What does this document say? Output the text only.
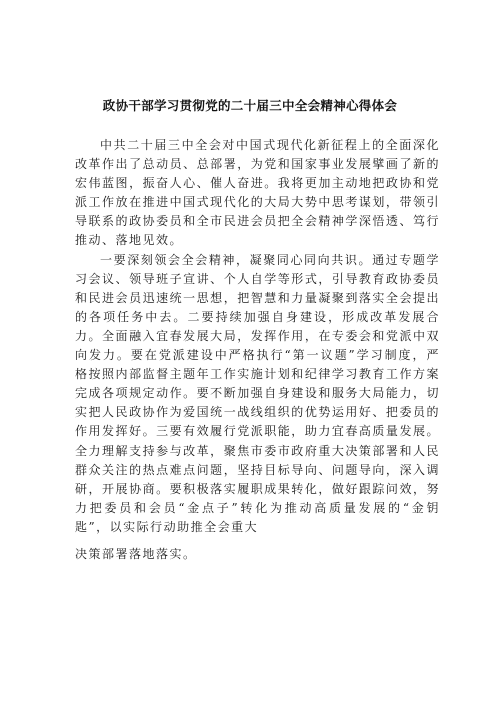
政协干部学习贯彻党的二十届三中全会精神心得体会

中共二十届三中全会对中国式现代化新征程上的全面深化改革作出了总动员、总部署，为党和国家事业发展擘画了新的宏伟蓝图，振奋人心、催人奋进。我将更加主动地把政协和党派工作放在推进中国式现代化的大局大势中思考谋划，带领引导联系的政协委员和全市民进会员把全会精神学深悟透、笃行推动、落地见效。

一要深刻领会全会精神，凝聚同心同向共识。通过专题学习会议、领导班子宣讲、个人自学等形式，引导教育政协委员和民进会员迅速统一思想，把智慧和力量凝聚到落实全会提出的各项任务中去。二要持续加强自身建设，形成改革发展合力。全面融入宜春发展大局，发挥作用，在专委会和党派中双向发力。要在党派建设中严格执行“第一议题”学习制度，严格按照内部监督主题年工作实施计划和纪律学习教育工作方案完成各项规定动作。要不断加强自身建设和服务大局能力，切实把人民政协作为爱国统一战线组织的优势运用好、把委员的作用发挥好。三要有效履行党派职能，助力宜春高质量发展。全力理解支持参与改革，聚焦市委市政府重大决策部署和人民群众关注的热点难点问题，坚持目标导向、问题导向，深入调研，开展协商。要积极落实履职成果转化，做好跟踪问效，努力把委员和会员“金点子”转化为推动高质量发展的“金钥匙”，以实际行动助推全会重大

决策部署落地落实。
